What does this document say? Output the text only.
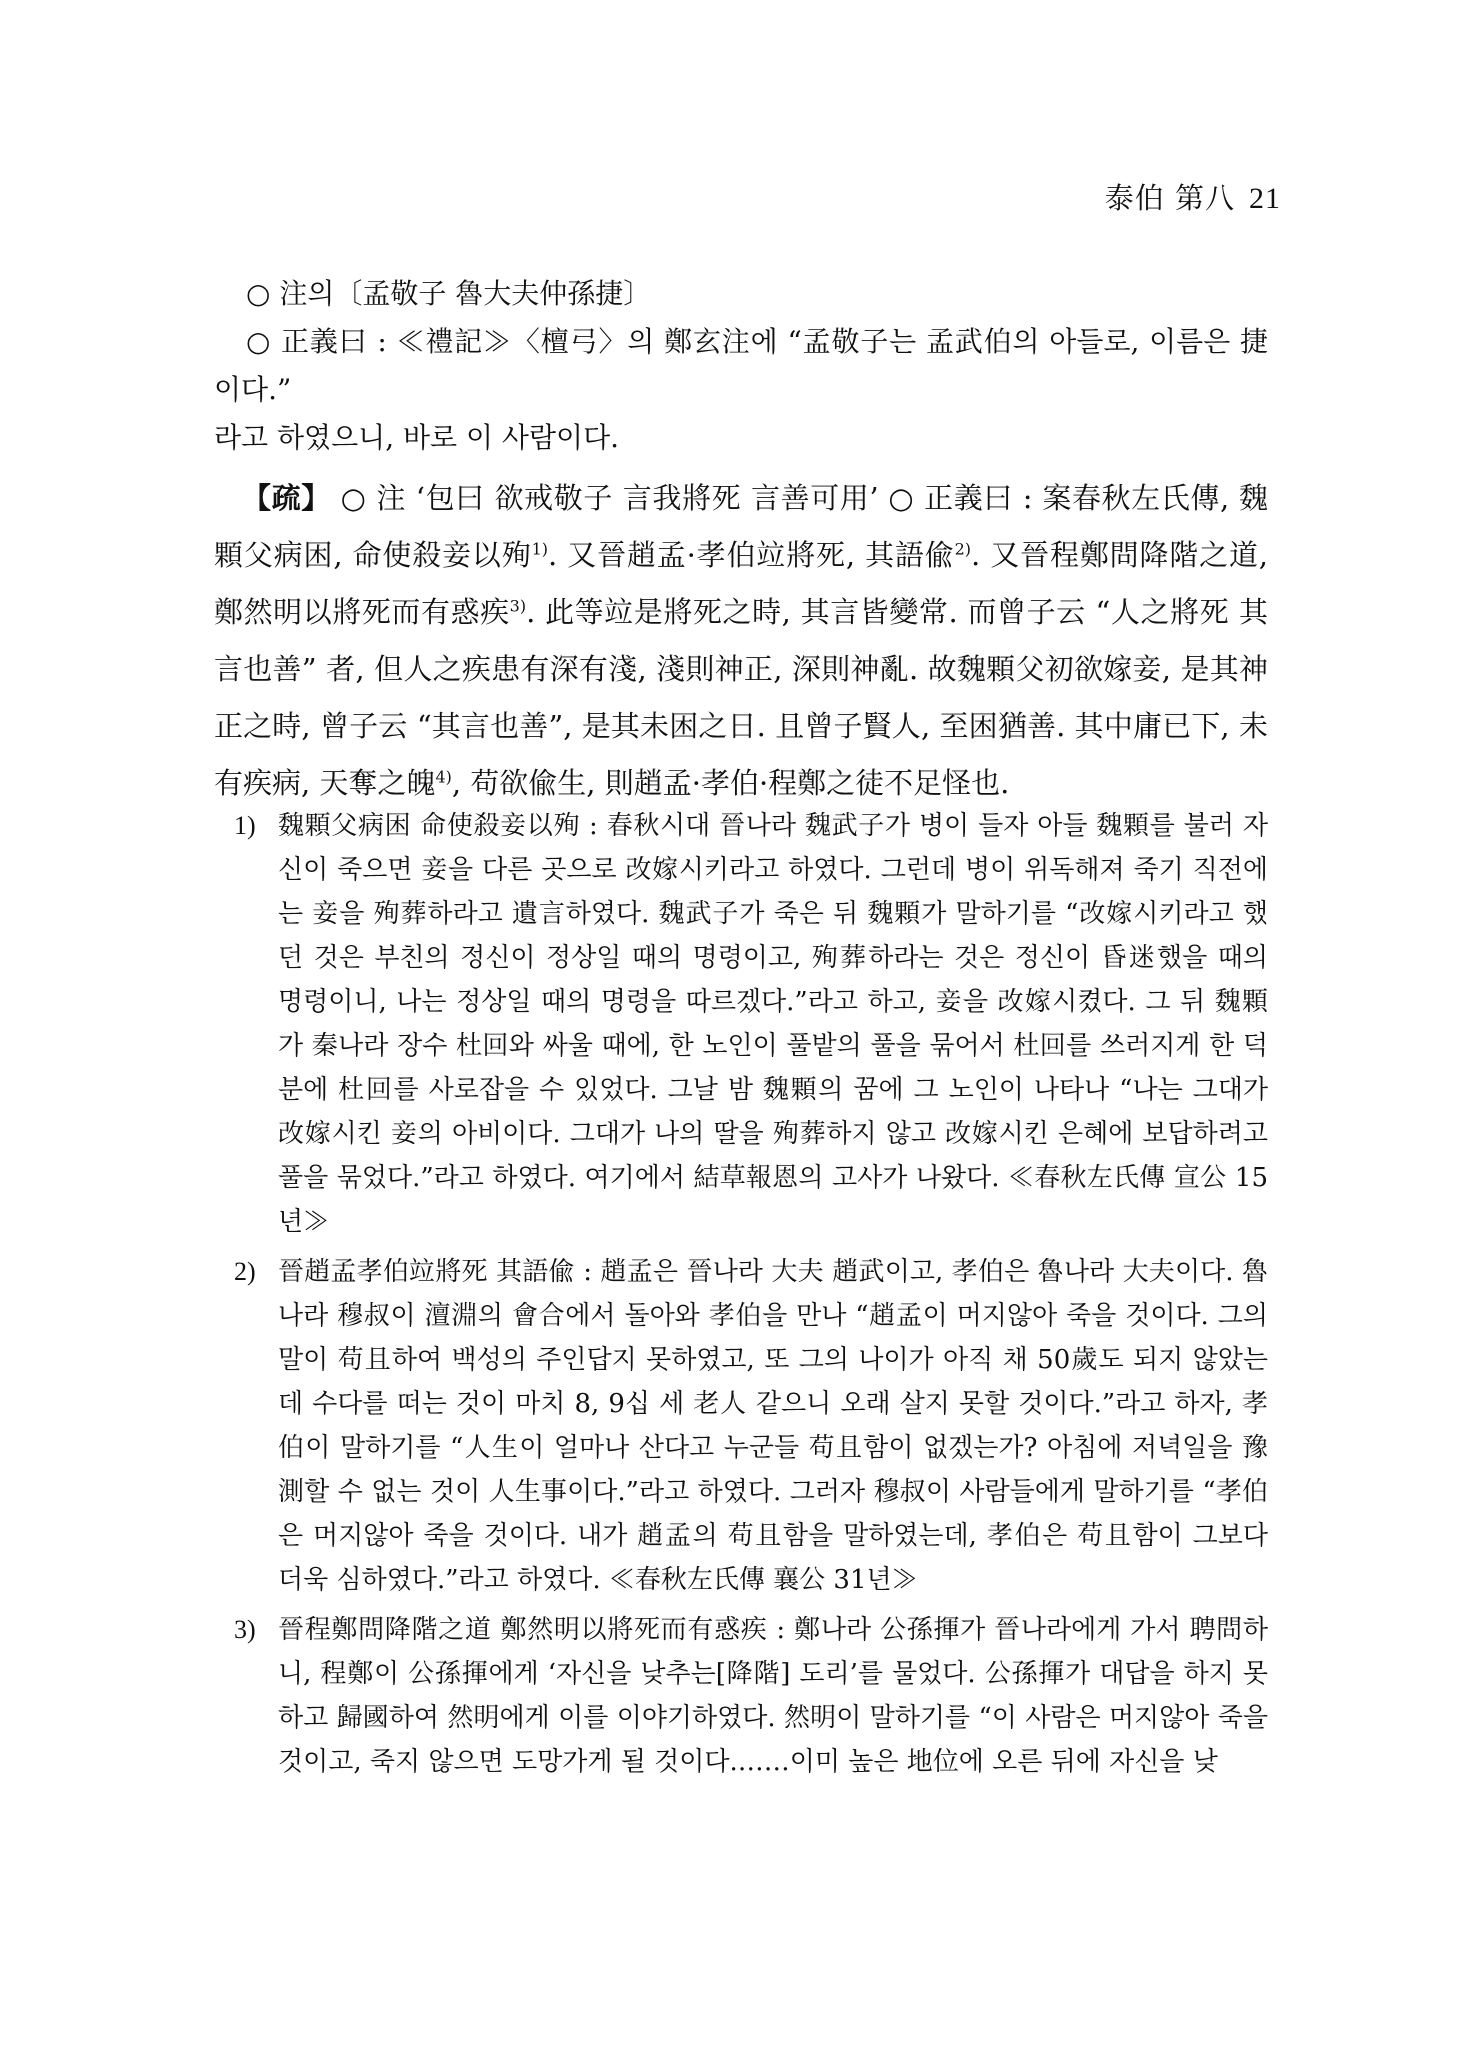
泰伯 第八 21

○ 注의〔孟敬子 魯大夫仲孫捷〕

○ 正義曰 : ≪禮記≫〈檀弓〉의 鄭玄注에 “孟敬子는 孟武伯의 아들로, 이름은 捷이다.”

라고 하였으니, 바로 이 사람이다.

【疏】 ○ 注 ‘包曰 欲戒敬子 言我將死 言善可用’ ○ 正義曰 : 案春秋左氏傳, 魏顆父病困, 命使殺妾以殉$^{1)}$. 又晉趙孟·孝伯竝將死, 其語偸$^{2)}$. 又晉程鄭問降階之道, 鄭然明以將死而有惑疾$^{3)}$. 此等竝是將死之時, 其言皆變常. 而曾子云 “人之將死 其言也善” 者, 但人之疾患有深有淺, 淺則神正, 深則神亂. 故魏顆父初欲嫁妾, 是其神正之時, 曾子云 “其言也善”, 是其未困之日. 且曾子賢人, 至困猶善. 其中庸已下, 未有疾病, 天奪之魄$^{4)}$, 苟欲偸生, 則趙孟·孝伯·程鄭之徒不足怪也.

1) 魏顆父病困 命使殺妾以殉 : 春秋시대 晉나라 魏武子가 병이 들자 아들 魏顆를 불러 자신이 죽으면 妾을 다른 곳으로 改嫁시키라고 하였다. 그런데 병이 위독해져 죽기 직전에는 妾을 殉葬하라고 遺言하였다. 魏武子가 죽은 뒤 魏顆가 말하기를 “改嫁시키라고 했던 것은 부친의 정신이 정상일 때의 명령이고, 殉葬하라는 것은 정신이 昏迷했을 때의 명령이니, 나는 정상일 때의 명령을 따르겠다.”라고 하고, 妾을 改嫁시켰다. 그 뒤 魏顆가 秦나라 장수 杜回와 싸울 때에, 한 노인이 풀밭의 풀을 묶어서 杜回를 쓰러지게 한 덕분에 杜回를 사로잡을 수 있었다. 그날 밤 魏顆의 꿈에 그 노인이 나타나 “나는 그대가 改嫁시킨 妾의 아비이다. 그대가 나의 딸을 殉葬하지 않고 改嫁시킨 은혜에 보답하려고 풀을 묶었다.”라고 하였다. 여기에서 結草報恩의 고사가 나왔다. ≪春秋左氏傳 宣公 15년≫
2) 晉趙孟孝伯竝將死 其語偸 : 趙孟은 晉나라 大夫 趙武이고, 孝伯은 魯나라 大夫이다. 魯나라 穆叔이 澶淵의 會合에서 돌아와 孝伯을 만나 “趙孟이 머지않아 죽을 것이다. 그의 말이 苟且하여 백성의 주인답지 못하였고, 또 그의 나이가 아직 채 50歲도 되지 않았는데 수다를 떠는 것이 마치 8, 9십 세 老人 같으니 오래 살지 못할 것이다.”라고 하자, 孝伯이 말하기를 “人生이 얼마나 산다고 누군들 苟且함이 없겠는가? 아침에 저녁일을 豫測할 수 없는 것이 人生事이다.”라고 하였다. 그러자 穆叔이 사람들에게 말하기를 “孝伯은 머지않아 죽을 것이다. 내가 趙孟의 苟且함을 말하였는데, 孝伯은 苟且함이 그보다 더욱 심하였다.”라고 하였다. ≪春秋左氏傳 襄公 31년≫
3) 晉程鄭問降階之道 鄭然明以將死而有惑疾 : 鄭나라 公孫揮가 晉나라에게 가서 聘問하니, 程鄭이 公孫揮에게 ‘자신을 낮추는[降階] 도리’를 물었다. 公孫揮가 대답을 하지 못하고 歸國하여 然明에게 이를 이야기하였다. 然明이 말하기를 “이 사람은 머지않아 죽을 것이고, 죽지 않으면 도망가게 될 것이다.……이미 높은 地位에 오른 뒤에 자신을 낮
